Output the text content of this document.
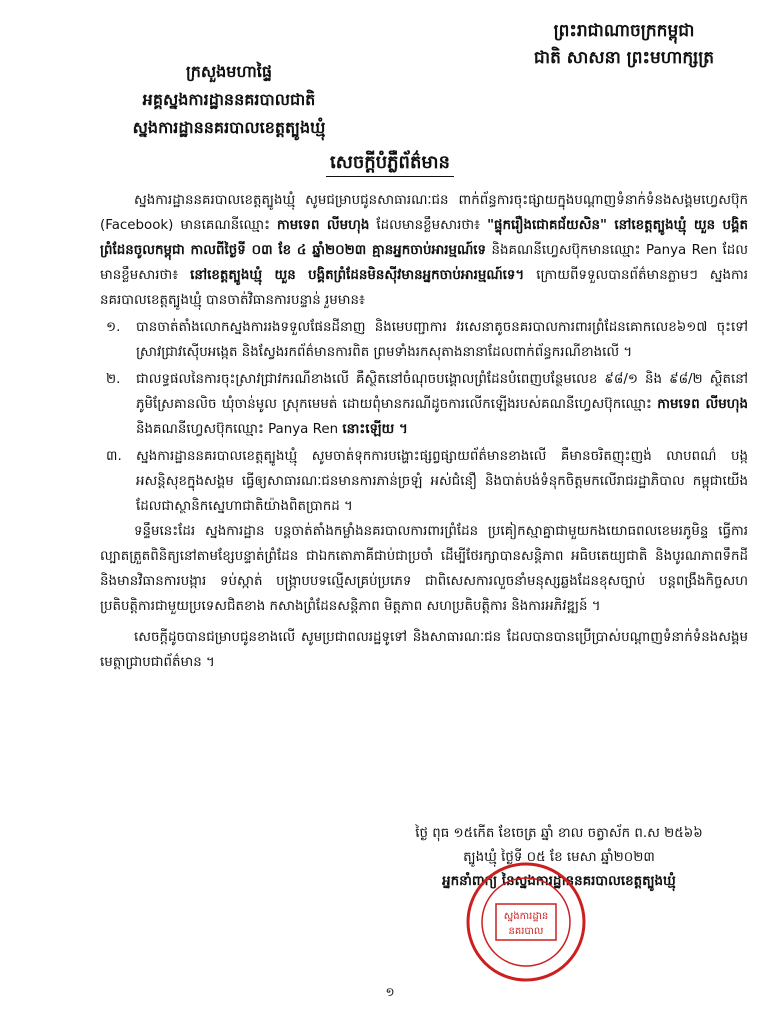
ព្រះរាជាណាចក្រកម្ពុជា
ជាតិ សាសនា ព្រះមហាក្សត្រ
ក្រសួងមហាផ្ទៃ
អគ្គស្នងការដ្ឋាននគរបាលជាតិ
ស្នងការដ្ឋាននគរបាលខេត្តត្បូងឃ្មុំ
សេចក្តីបំភ្លឺព័ត៌មាន

ស្នងការដ្ឋាននគរបាលខេត្តត្បូងឃ្មុំ សូមជម្រាបជូនសាធារណៈជន ពាក់ព័ន្ធការចុះផ្សាយក្នុងបណ្តាញទំនាក់ទំនងសង្គមហ្វេសប៊ុក (Facebook) មានគេណនីឈ្មោះ កាមទេព លីមហុង ដែលមានខ្លឹមសារថា៖ "ផ្ទុករឿងជោគជ័យសិន" នៅខេត្តត្បូងឃ្មុំ យួន បង្គិតព្រំដែនចូលកម្ពុជា កាលពីថ្ងៃទី ០៣ ខែ ៤ ឆ្នាំ២០២៣ គ្មានអ្នកចាប់អារម្មណ៍ទេ និងគណនីហ្វេសប៊ុកមានឈ្មោះ Panya Ren ដែលមានខ្លឹមសារថា៖ នៅខេត្តត្បូងឃ្មុំ យួន បង្គិតព្រំដែនមិនស៊ីវមានអ្នកចាប់អារម្មណ៍ទេ។ ក្រោយពីទទួលបានព័ត៌មានភ្លាមៗ ស្នងការនគរបាលខេត្តត្បូងឃ្មុំ បានចាត់វិធានការបន្ទាន់ រួមមាន៖

១.	បានចាត់តាំងលោកស្នងការរងទទួលផែនដីនាញ និងមេបញ្ជាការ វរសេនាតូចនគរបាលការពារព្រំដែនគោកលេខ៦១៧ ចុះទៅស្រាវជ្រាវស៊ើបអង្កេត និងស្វែងរកព័ត៌មានការពិត ព្រមទាំងរកសុតាងនានាដែលពាក់ព័ន្ធករណីខាងលើ ។
២.	ជាលទ្ធផលនៃការចុះស្រាវជ្រាវករណីខាងលើ គឺស្ថិតនៅចំណុចបង្គោលព្រំដែនបំពេញបន្ថែមលេខ ៩៨/១ និង ៩៨/២ ស្ថិតនៅភូមិស្រែគានលិច ឃុំចាន់មូល ស្រុកមេមត់ ដោយពុំមានករណីដូចការលើកឡើងរបស់គណនីហ្វេសប៊ុកឈ្មោះ កាមទេព លីមហុង និងគណនីហ្វេសប៊ុកឈ្មោះ Panya Ren នោះឡើយ ។
៣.	ស្នងការដ្ឋាននគរបាលខេត្តត្បូងឃ្មុំ សូមចាត់ទុកការបង្ហោះផ្សព្វផ្សាយព័ត៌មានខាងលើ គឺមានចរិតញុះញង់ លាបពណ៌ បង្កអសន្តិសុខក្នុងសង្គម ធ្វើឲ្យសាធារណៈជនមានការភាន់ច្រឡំ អស់ជំនឿ និងបាត់បង់ទំនុកចិត្តមកលើរាជរដ្ឋាភិបាល កម្ពុជាយើងដែលជាស្ថានិកស្នេហាជាតិយ៉ាងពិតប្រាកដ ។

ទន្ទឹមនេះដែរ ស្នងការដ្ឋាន បន្តចាត់តាំងកម្លាំងនគរបាលការពារព្រំដែន ប្រគៀកស្មាគ្នាជាមួយកងយោធពលខេមរភូមិន្ទ ធ្វើការល្បាតត្រួតពិនិត្យនៅតាមខ្សែបន្ទាត់ព្រំដែន ជាឯកតោភាគីជាប់ជាប្រចាំ ដើម្បីថែរក្សាបានសន្តិភាព អធិបតេយ្យជាតិ និងបូរណភាពទឹកដី និងមានវិធានការបង្ការ ទប់ស្កាត់ បង្ក្រាបបទល្មើសគ្រប់ប្រភេទ ជាពិសេសការលួចនាំមនុស្សឆ្លងដែនខុសច្បាប់ បន្តពង្រឹងកិច្ចសហប្រតិបត្តិការជាមួយប្រទេសជិតខាង កសាងព្រំដែនសន្តិភាព មិត្តភាព សហប្រតិបត្តិការ និងការអភិវឌ្ឍន៍ ។

សេចក្តីដូចបានជម្រាបជូនខាងលើ សូមប្រជាពលរដ្ឋទូទៅ និងសាធារណៈជន ដែលបានបានប្រើប្រាស់បណ្តាញទំនាក់ទំនងសង្គម មេត្តាជ្រាបជាព័ត៌មាន ។

ថ្ងៃ ពុធ ១៥កើត ខែចេត្រ ឆ្នាំ ខាល ចត្វាស័ក ព.ស ២៥៦៦
ត្បូងឃ្មុំ ថ្ងៃទី ០៥ ខែ មេសា ឆ្នាំ២០២៣
អ្នកនាំពាក្យ នៃស្នងការដ្ឋាននគរបាលខេត្តត្បូងឃ្មុំ
ស្នងការដ្ឋាន
នគរបាល
១
